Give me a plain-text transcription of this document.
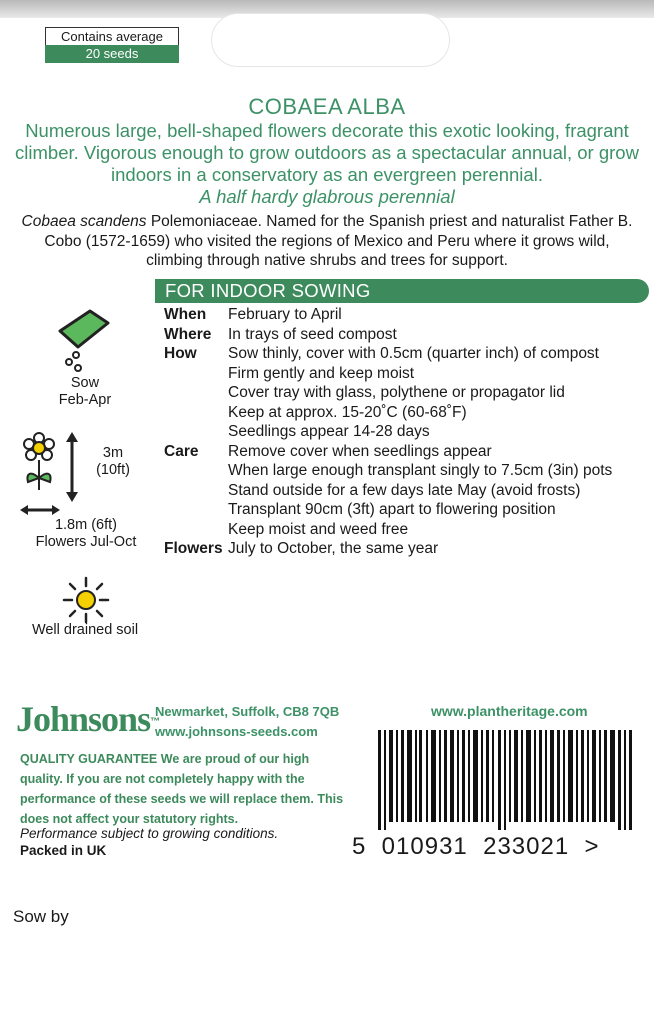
Contains average
20 seeds
COBAEA ALBA
Numerous large, bell-shaped flowers decorate this exotic looking, fragrant climber. Vigorous enough to grow outdoors as a spectacular annual, or grow indoors in a conservatory as an evergreen perennial.
A half hardy glabrous perennial
Cobaea scandens Polemoniaceae. Named for the Spanish priest and naturalist Father B. Cobo (1572-1659) who visited the regions of Mexico and Peru where it grows wild, climbing through native shrubs and trees for support.
FOR INDOOR SOWING
When February to April
Where In trays of seed compost
How Sow thinly, cover with 0.5cm (quarter inch) of compost
Firm gently and keep moist
Cover tray with glass, polythene or propagator lid
Keep at approx. 15-20˚C (60-68˚F)
Seedlings appear 14-28 days
Care Remove cover when seedlings appear
When large enough transplant singly to 7.5cm (3in) pots
Stand outside for a few days late May (avoid frosts)
Transplant 90cm (3ft) apart to flowering position
Keep moist and weed free
Flowers July to October, the same year
Sow
Feb-Apr
3m
(10ft)
1.8m (6ft)
Flowers Jul-Oct
Well drained soil
Johnsons™
Newmarket, Suffolk, CB8 7QB
www.johnsons-seeds.com
QUALITY GUARANTEE We are proud of our high quality. If you are not completely happy with the performance of these seeds we will replace them. This does not affect your statutory rights.
Performance subject to growing conditions.
Packed in UK
www.plantheritage.com
5  010931  233021  >
Sow by
